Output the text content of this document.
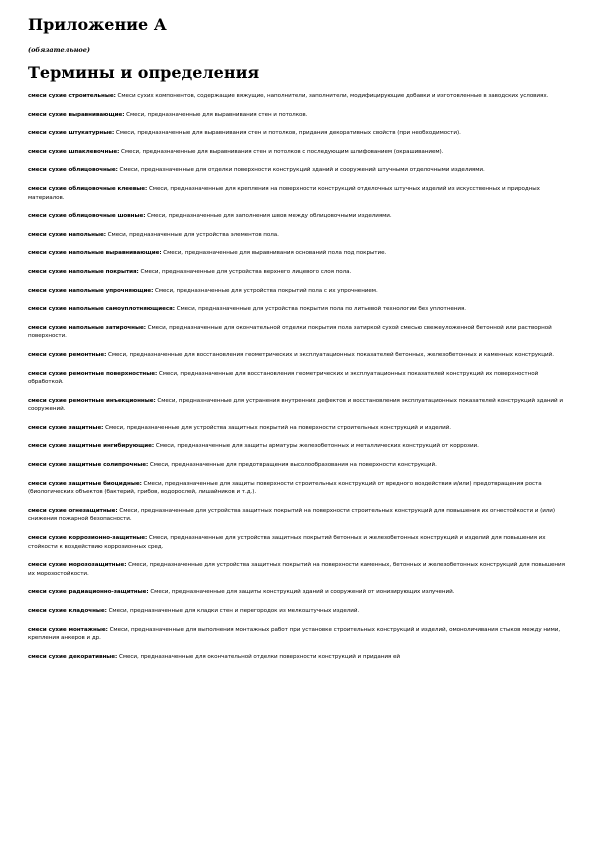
Приложение А

(обязательное)

Термины и определения
смеси сухие строительные: Смеси сухих компонентов, содержащие вяжущие, наполнители, заполнители, модифицирующие добавки и изготовленные в заводских условиях.
смеси сухие выравнивающие: Смеси, предназначенные для выравнивания стен и потолков.
смеси сухие штукатурные: Смеси, предназначенные для выравнивания стен и потолков, придания декоративных свойств (при необходимости).
смеси сухие шпаклевочные: Смеси, предназначенные для выравнивания стен и потолков с последующим шлифованием (окрашиванием).
смеси сухие облицовочные: Смеси, предназначенные для отделки поверхности конструкций зданий и сооружений штучными отделочными изделиями.
смеси сухие облицовочные клеевые: Смеси, предназначенные для крепления на поверхности конструкций отделочных штучных изделий из искусственных и природных материалов.
смеси сухие облицовочные шовные: Смеси, предназначенные для заполнения швов между облицовочными изделиями.
смеси сухие напольные: Смеси, предназначенные для устройства элементов пола.
смеси сухие напольные выравнивающие: Смеси, предназначенные для выравнивания оснований пола под покрытие.
смеси сухие напольные покрытия: Смеси, предназначенные для устройства верхнего лицевого слоя пола.
смеси сухие напольные упрочняющие: Смеси, предназначенные для устройства покрытий пола с их упрочнением.
смеси сухие напольные самоуплотняющиеся: Смеси, предназначенные для устройства покрытия пола по литьевой технологии без уплотнения.
смеси сухие напольные затирочные: Смеси, предназначенные для окончательной отделки покрытия пола затиркой сухой смесью свежеуложенной бетонной или растворной поверхности.
смеси сухие ремонтные: Смеси, предназначенные для восстановления геометрических и эксплуатационных показателей бетонных, железобетонных и каменных конструкций.
смеси сухие ремонтные поверхностные: Смеси, предназначенные для восстановления геометрических и эксплуатационных показателей конструкций их поверхностной обработкой.
смеси сухие ремонтные инъекционные: Смеси, предназначенные для устранения внутренних дефектов и восстановления эксплуатационных показателей конструкций зданий и сооружений.
смеси сухие защитные: Смеси, предназначенные для устройства защитных покрытий на поверхности строительных конструкций и изделий.
смеси сухие защитные ингибирующие: Смеси, предназначенные для защиты арматуры железобетонных и металлических конструкций от коррозии.
смеси сухие защитные солипрочные: Смеси, предназначенные для предотвращения высолообразования на поверхности конструкций.
смеси сухие защитные биоцидные: Смеси, предназначенные для защиты поверхности строительных конструкций от вредного воздействия и/или) предотвращения роста (биологических объектов (бактерий, грибов, водорослей, лишайников и т.д.).
смеси сухие огнезащитные: Смеси, предназначенные для устройства защитных покрытий на поверхности строительных конструкций для повышения их огнестойкости и (или) снижения пожарной безопасности.
смеси сухие коррозионно-защитные: Смеси, предназначенные для устройства защитных покрытий бетонных и железобетонных конструкций и изделий для повышения их стойкости к воздействию коррозионных сред.
смеси сухие морозозащитные: Смеси, предназначенные для устройства защитных покрытий на поверхности каменных, бетонных и железобетонных конструкций для повышения их морозостойкости.
смеси сухие радиационно-защитные: Смеси, предназначенные для защиты конструкций зданий и сооружений от ионизирующих излучений.
смеси сухие кладочные: Смеси, предназначенные для кладки стен и перегородок из мелкоштучных изделий.
смеси сухие монтажные: Смеси, предназначенные для выполнения монтажных работ при установке строительных конструкций и изделий, омоноличивания стыков между ними, крепления анкеров и др.
смеси сухие декоративные: Смеси, предназначенные для окончательной отделки поверхности конструкций и придания ей
